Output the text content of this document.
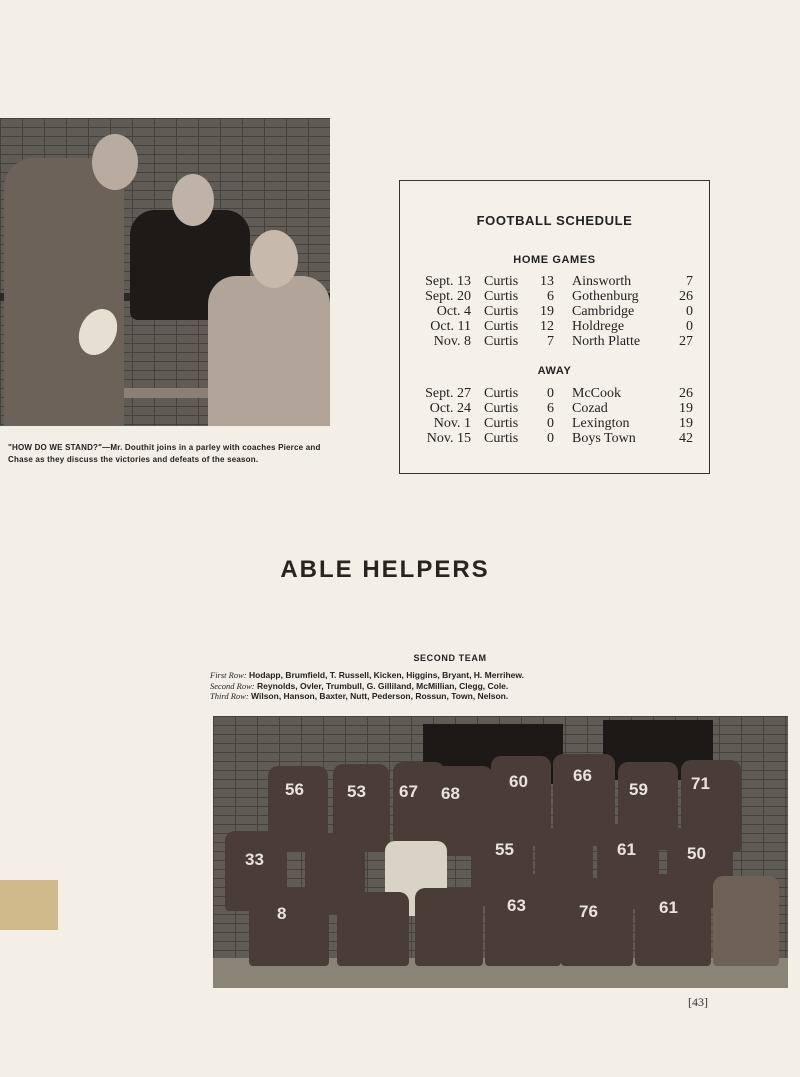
"HOW DO WE STAND?"—Mr. Douthit joins in a parley with coaches Pierce and Chase as they discuss the victories and defeats of the season.
FOOTBALL SCHEDULE
HOME GAMES
Sept. 13 Curtis	13 Ainsworth	7
Sept. 20 Curtis	6 Gothenburg	26
Oct. 4 Curtis	19 Cambridge	0
Oct. 11 Curtis	12 Holdrege	0
Nov. 8 Curtis	7 North Platte	27
AWAY
Sept. 27 Curtis	0 McCook	26
Oct. 24 Curtis	6 Cozad	19
Nov. 1 Curtis	0 Lexington	19
Nov. 15 Curtis	0 Boys Town	42
ABLE HELPERS
SECOND TEAM
First Row: Hodapp, Brumfield, T. Russell, Kicken, Higgins, Bryant, H. Merrihew.
Second Row: Reynolds, Ovler, Trumbull, G. Gilliland, McMillian, Clegg, Cole.
Third Row: Wilson, Hanson, Baxter, Nutt, Pederson, Rossun, Town, Nelson.
56	53 67 68
60	66
59	71
33
55	61	50
8	63	76	61
[43]
